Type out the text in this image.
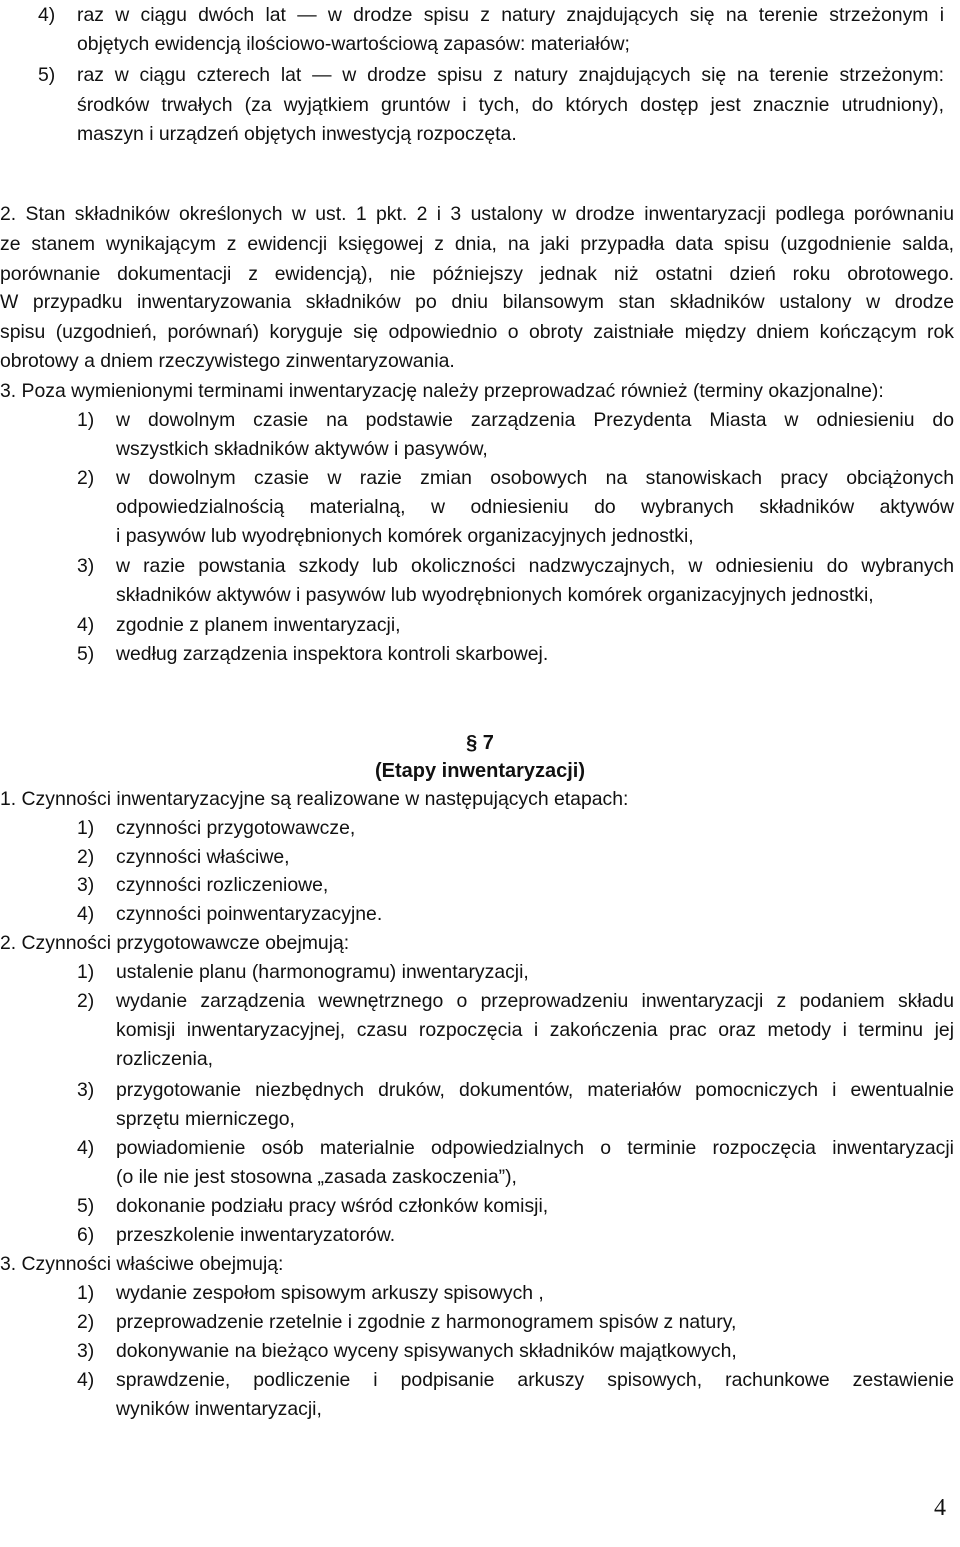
4) raz w ciągu dwóch lat — w drodze spisu z natury znajdujących się na terenie strzeżonym i
objętych ewidencją ilościowo-wartościową zapasów: materiałów;
5) raz w ciągu czterech lat — w drodze spisu z natury znajdujących się na terenie strzeżonym:
środków trwałych (za wyjątkiem gruntów i tych, do których dostęp jest znacznie utrudniony),
maszyn i urządzeń objętych inwestycją rozpoczęta.
2. Stan składników określonych w ust. 1 pkt. 2 i 3 ustalony w drodze inwentaryzacji podlega porównaniu
ze stanem wynikającym z ewidencji księgowej z dnia, na jaki przypadła data spisu (uzgodnienie salda,
porównanie dokumentacji z ewidencją), nie późniejszy jednak niż ostatni dzień roku obrotowego.
W przypadku inwentaryzowania składników po dniu bilansowym stan składników ustalony w drodze
spisu (uzgodnień, porównań) koryguje się odpowiednio o obroty zaistniałe między dniem kończącym rok
obrotowy a dniem rzeczywistego zinwentaryzowania.
3. Poza wymienionymi terminami inwentaryzację należy przeprowadzać również (terminy okazjonalne):
1) w dowolnym czasie na podstawie zarządzenia Prezydenta Miasta w odniesieniu do
wszystkich składników aktywów i pasywów,
2) w dowolnym czasie w razie zmian osobowych na stanowiskach pracy obciążonych
odpowiedzialnością materialną, w odniesieniu do wybranych składników aktywów
i pasywów lub wyodrębnionych komórek organizacyjnych jednostki,
3) w razie powstania szkody lub okoliczności nadzwyczajnych, w odniesieniu do wybranych
składników aktywów i pasywów lub wyodrębnionych komórek organizacyjnych jednostki,
4) zgodnie z planem inwentaryzacji,
5) według zarządzenia inspektora kontroli skarbowej.
§ 7
(Etapy inwentaryzacji)
1. Czynności inwentaryzacyjne są realizowane w następujących etapach:
1) czynności przygotowawcze,
2) czynności właściwe,
3) czynności rozliczeniowe,
4) czynności poinwentaryzacyjne.
2. Czynności przygotowawcze obejmują:
1) ustalenie planu (harmonogramu) inwentaryzacji,
2) wydanie zarządzenia wewnętrznego o przeprowadzeniu inwentaryzacji z podaniem składu
komisji inwentaryzacyjnej, czasu rozpoczęcia i zakończenia prac oraz metody i terminu jej
rozliczenia,
3) przygotowanie niezbędnych druków, dokumentów, materiałów pomocniczych i ewentualnie
sprzętu mierniczego,
4) powiadomienie osób materialnie odpowiedzialnych o terminie rozpoczęcia inwentaryzacji
(o ile nie jest stosowna „zasada zaskoczenia”),
5) dokonanie podziału pracy wśród członków komisji,
6) przeszkolenie inwentaryzatorów.
3. Czynności właściwe obejmują:
1) wydanie zespołom spisowym arkuszy spisowych ,
2) przeprowadzenie rzetelnie i zgodnie z harmonogramem spisów z natury,
3) dokonywanie na bieżąco wyceny spisywanych składników majątkowych,
4) sprawdzenie, podliczenie i podpisanie arkuszy spisowych, rachunkowe zestawienie
wyników inwentaryzacji,
4
